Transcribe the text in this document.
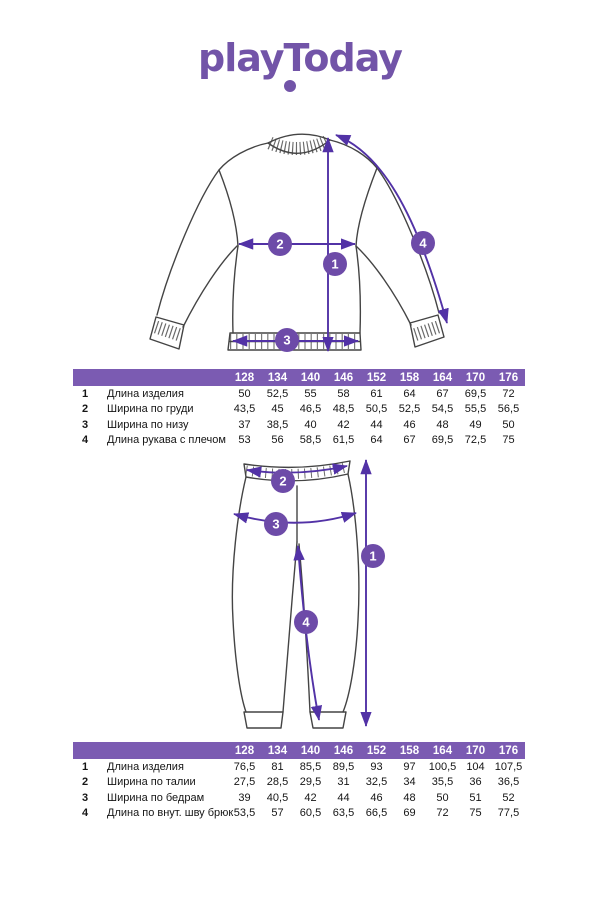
playToday
1
2
3
4
		128	134	140	146	152	158	164	170	176
1	Длина изделия	50	52,5	55	58	61	64	67	69,5	72
2	Ширина по груди	43,5	45	46,5	48,5	50,5	52,5	54,5	55,5	56,5
3	Ширина по низу	37	38,5	40	42	44	46	48	49	50
4	Длина рукава с плечом	53	56	58,5	61,5	64	67	69,5	72,5	75
1
2
3
4
		128	134	140	146	152	158	164	170	176
1	Длина изделия	76,5	81	85,5	89,5	93	97	100,5	104	107,5
2	Ширина по талии	27,5	28,5	29,5	31	32,5	34	35,5	36	36,5
3	Ширина по бедрам	39	40,5	42	44	46	48	50	51	52
4	Длина по внут. шву брюк	53,5	57	60,5	63,5	66,5	69	72	75	77,5
